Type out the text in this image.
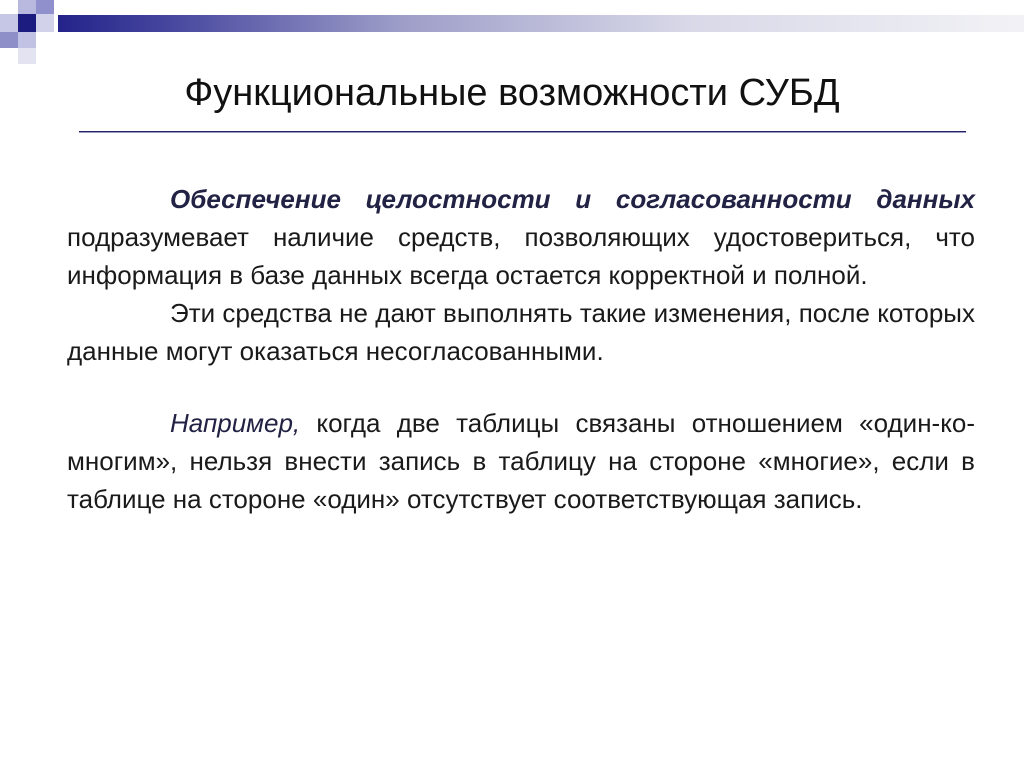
Функциональные возможности СУБД

Обеспечение целостности и согласованности данных подразумевает наличие средств, позволяющих удостовериться, что информация в базе данных всегда остается корректной и полной.

Эти средства не дают выполнять такие изменения, после которых данные могут оказаться несогласованными.

Например, когда две таблицы связаны отношением «один-ко-многим», нельзя внести запись в таблицу на стороне «многие», если в таблице на стороне «один» отсутствует соответствующая запись.
